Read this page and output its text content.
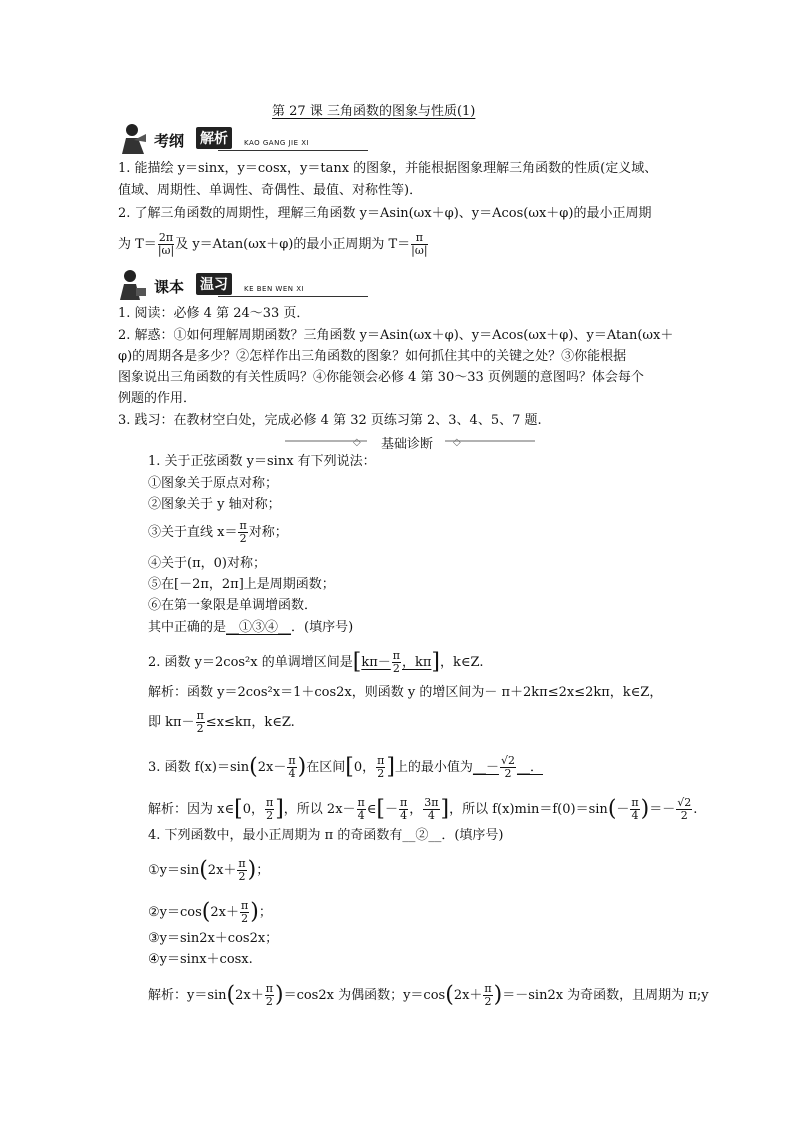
第 27 课 三角函数的图象与性质(1)
考纲 解析	KAO GANG JIE XI
1. 能描绘 y＝sinx，y＝cosx，y＝tanx 的图象，并能根据图象理解三角函数的性质(定义域、
值域、周期性、单调性、奇偶性、最值、对称性等)．
2. 了解三角函数的周期性，理解三角函数 y＝Asin(ωx＋φ)、y＝Acos(ωx＋φ)的最小正周期
为 $T= \frac{2\pi}{|\omega|}$ 及 y＝Atan(ωx＋φ)的最小正周期为 $T= \frac{\pi}{|\omega|}$
课本 温习	KE BEN WEN XI
1. 阅读：必修 4 第 24～33 页．
2. 解惑：①如何理解周期函数？三角函数 y＝Asin(ωx＋φ)、y＝Acos(ωx＋φ)、y＝Atan(ωx＋
φ)的周期各是多少？②怎样作出三角函数的图象？如何抓住其中的关键之处？③你能根据
图象说出三角函数的有关性质吗？④你能领会必修 4 第 30～33 页例题的意图吗？体会每个
例题的作用．
3. 践习：在教材空白处，完成必修 4 第 32 页练习第 2、3、4、5、7 题.
◇	◇
基础诊断
1. 关于正弦函数 y＝sinx 有下列说法：
①图象关于原点对称；
②图象关于 y 轴对称；
③关于直线 $x= \frac{\pi}{2}$ 对称；
④关于(π，0)对称；
⑤在[－2π，2π]上是周期函数；
⑥在第一象限是单调增函数．
其中正确的是__①③④__．(填序号)
2. 函数 y＝2cos²x 的单调增区间是[$k\pi- \frac{\pi}{2}$ ，kπ]，k∈Z.
解析：函数 y＝2cos²x＝1＋cos2x，则函数 y 的增区间为－ π＋2kπ≤2x≤2kπ，k∈Z，
即 $k\pi- \frac{\pi}{2} \le x\le k\pi$，k∈Z.
3. 函数 $f(x)=\sin(2x- \frac{\pi}{4}$ )在区间[0， $\frac{\pi}{2}$ ]上的最小值为__－ $\frac{√2}{2}$ __．
解析：因为 x∈[0， $\frac{\pi}{2}$ ]，所以 $2x- \frac{\pi}{4}$ ∈[－ $\frac{\pi}{4}$ ， $\frac{3\pi}{4}$ ]，所以 $f(x)\min=f(0)=\sin(- \frac{\pi}{4}$ )＝－ $\frac{√2}{2}$ .
4. 下列函数中，最小正周期为 π 的奇函数有__②__．(填序号)
①y＝sin(2x＋ $\frac{\pi}{2}$ )；
②y＝cos(2x＋ $\frac{\pi}{2}$ )；
③y＝sin2x＋cos2x；
④y＝sinx＋cosx.
解析：$y=\sin(2x+ \frac{\pi}{2} )=\cos 2x$ 为偶函数；$y=\cos(2x+ \frac{\pi}{2} )=-\sin 2x$ 为奇函数，且周期为 π;y
